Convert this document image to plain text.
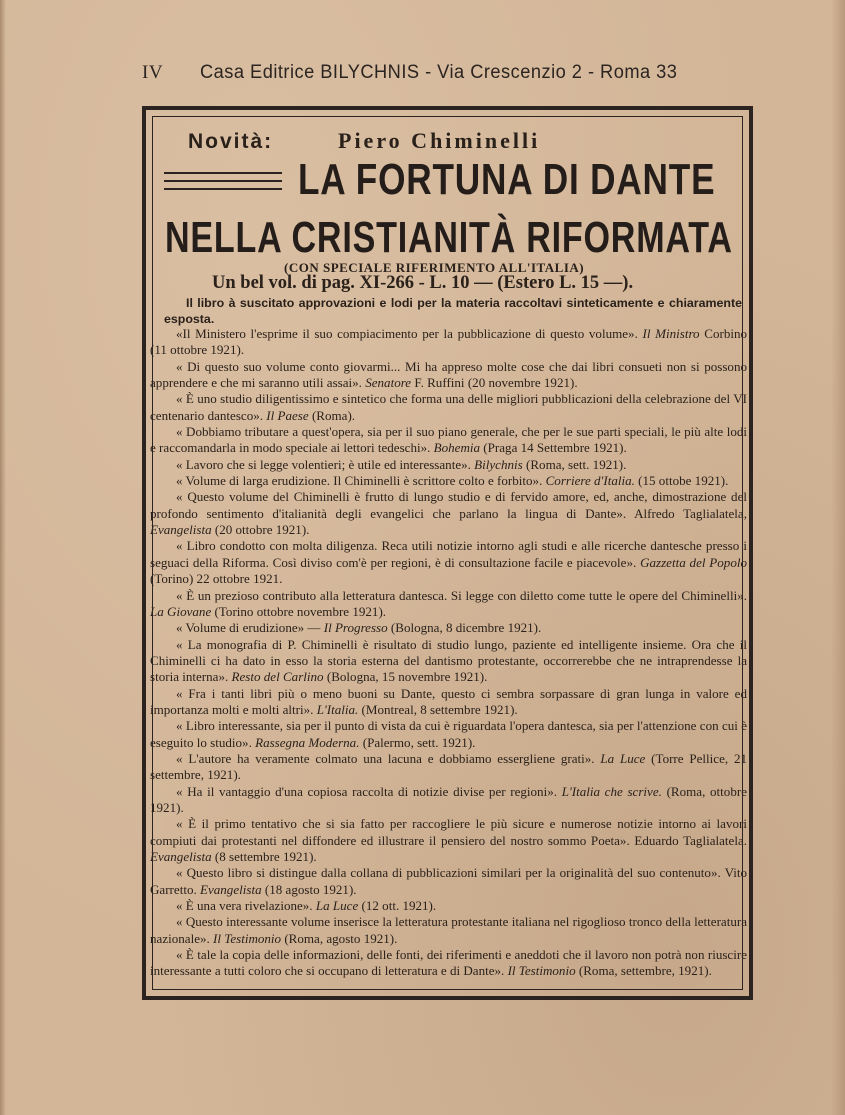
IV Casa Editrice BILYCHNIS - Via Crescenzio 2 - Roma 33
Novità:	Piero Chiminelli
LA FORTUNA DI DANTE
NELLA CRISTIANITÀ RIFORMATA
(CON SPECIALE RIFERIMENTO ALL'ITALIA)
Un bel vol. di pag. XI-266 - L. 10 — (Estero L. 15 —).
Il libro à suscitato approvazioni e lodi per la materia raccoltavi sinteticamente e chiaramente esposta.

«Il Ministero l'esprime il suo compiacimento per la pubblicazione di questo volume». Il Ministro Corbino (11 ottobre 1921).

« Di questo suo volume conto giovarmi... Mi ha appreso molte cose che dai libri consueti non si possono apprendere e che mi saranno utili assai». Senatore F. Ruffini (20 novembre 1921).

« È uno studio diligentissimo e sintetico che forma una delle migliori pubblicazioni della celebrazione del VI centenario dantesco». Il Paese (Roma).

« Dobbiamo tributare a quest'opera, sia per il suo piano generale, che per le sue parti speciali, le più alte lodi e raccomandarla in modo speciale ai lettori tedeschi». Bohemia (Praga 14 Settembre 1921).

« Lavoro che si legge volentieri; è utile ed interessante». Bilychnis (Roma, sett. 1921).

« Volume di larga erudizione. Il Chiminelli è scrittore colto e forbito». Corriere d'Italia. (15 ottobe 1921).

« Questo volume del Chiminelli è frutto di lungo studio e di fervido amore, ed, anche, dimostrazione del profondo sentimento d'italianità degli evangelici che parlano la lingua di Dante». Alfredo Taglialatela, Evangelista (20 ottobre 1921).

« Libro condotto con molta diligenza. Reca utili notizie intorno agli studi e alle ricerche dantesche presso i seguaci della Riforma. Così diviso com'è per regioni, è di consultazione facile e piacevole». Gazzetta del Popolo (Torino) 22 ottobre 1921.

« È un prezioso contributo alla letteratura dantesca. Si legge con diletto come tutte le opere del Chiminelli». La Giovane (Torino ottobre novembre 1921).

« Volume di erudizione» — Il Progresso (Bologna, 8 dicembre 1921).

« La monografia di P. Chiminelli è risultato di studio lungo, paziente ed intelligente insieme. Ora che il Chiminelli ci ha dato in esso la storia esterna del dantismo protestante, occorrerebbe che ne intraprendesse la storia interna». Resto del Carlino (Bologna, 15 novembre 1921).

« Fra i tanti libri più o meno buoni su Dante, questo ci sembra sorpassare di gran lunga in valore ed importanza molti e molti altri». L'Italia. (Montreal, 8 settembre 1921).

« Libro interessante, sia per il punto di vista da cui è riguardata l'opera dantesca, sia per l'attenzione con cui è eseguito lo studio». Rassegna Moderna. (Palermo, sett. 1921).

« L'autore ha veramente colmato una lacuna e dobbiamo essergliene grati». La Luce (Torre Pellice, 21 settembre, 1921).

« Ha il vantaggio d'una copiosa raccolta di notizie divise per regioni». L'Italia che scrive. (Roma, ottobre 1921).

« È il primo tentativo che si sia fatto per raccogliere le più sicure e numerose notizie intorno ai lavori compiuti dai protestanti nel diffondere ed illustrare il pensiero del nostro sommo Poeta». Eduardo Taglialatela. Evangelista (8 settembre 1921).

« Questo libro si distingue dalla collana di pubblicazioni similari per la originalità del suo contenuto». Vito Garretto. Evangelista (18 agosto 1921).

« È una vera rivelazione». La Luce (12 ott. 1921).

« Questo interessante volume inserisce la letteratura protestante italiana nel rigoglioso tronco della letteratura nazionale». Il Testimonio (Roma, agosto 1921).

« È tale la copia delle informazioni, delle fonti, dei riferimenti e aneddoti che il lavoro non potrà non riuscire interessante a tutti coloro che si occupano di letteratura e di Dante». Il Testimonio (Roma, settembre, 1921).
